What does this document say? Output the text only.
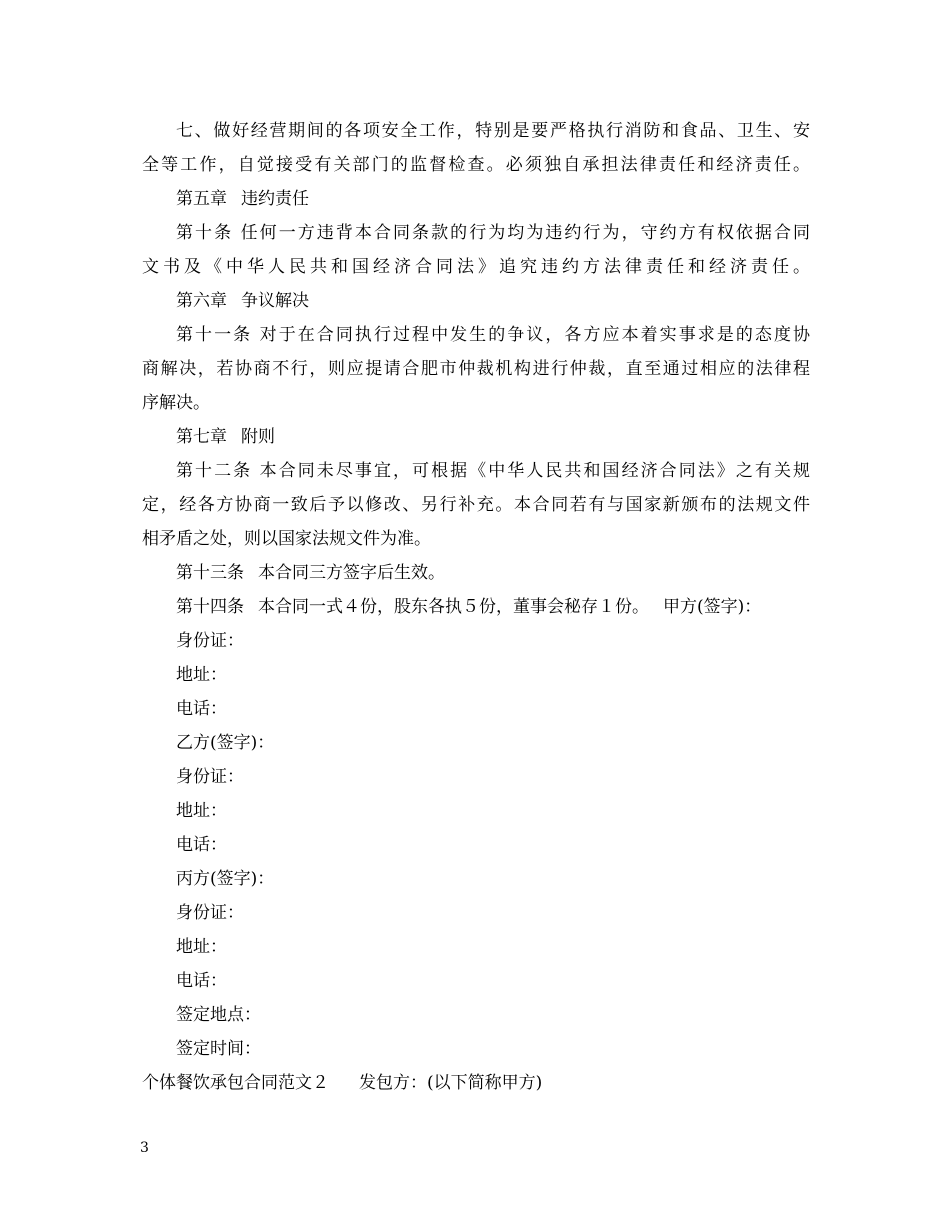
七、做好经营期间的各项安全工作，特别是要严格执行消防和食品、卫生、安
全等工作，自觉接受有关部门的监督检查。必须独自承担法律责任和经济责任。
第五章 违约责任
第十条 任何一方违背本合同条款的行为均为违约行为，守约方有权依据合同
文书及《中华人民共和国经济合同法》追究违约方法律责任和经济责任。
第六章 争议解决
第十一条 对于在合同执行过程中发生的争议，各方应本着实事求是的态度协
商解决，若协商不行，则应提请合肥市仲裁机构进行仲裁，直至通过相应的法律程
序解决。
第七章 附则
第十二条 本合同未尽事宜，可根据《中华人民共和国经济合同法》之有关规
定，经各方协商一致后予以修改、另行补充。本合同若有与国家新颁布的法规文件
相矛盾之处，则以国家法规文件为准。
第十三条 本合同三方签字后生效。
第十四条 本合同一式４份，股东各执５份，董事会秘存１份。 甲方(签字)：
身份证：
地址：
电话：
乙方(签字)：
身份证：
地址：
电话：
丙方(签字)：
身份证：
地址：
电话：
签定地点：
签定时间：
个体餐饮承包合同范文２ 发包方：(以下简称甲方)
3
